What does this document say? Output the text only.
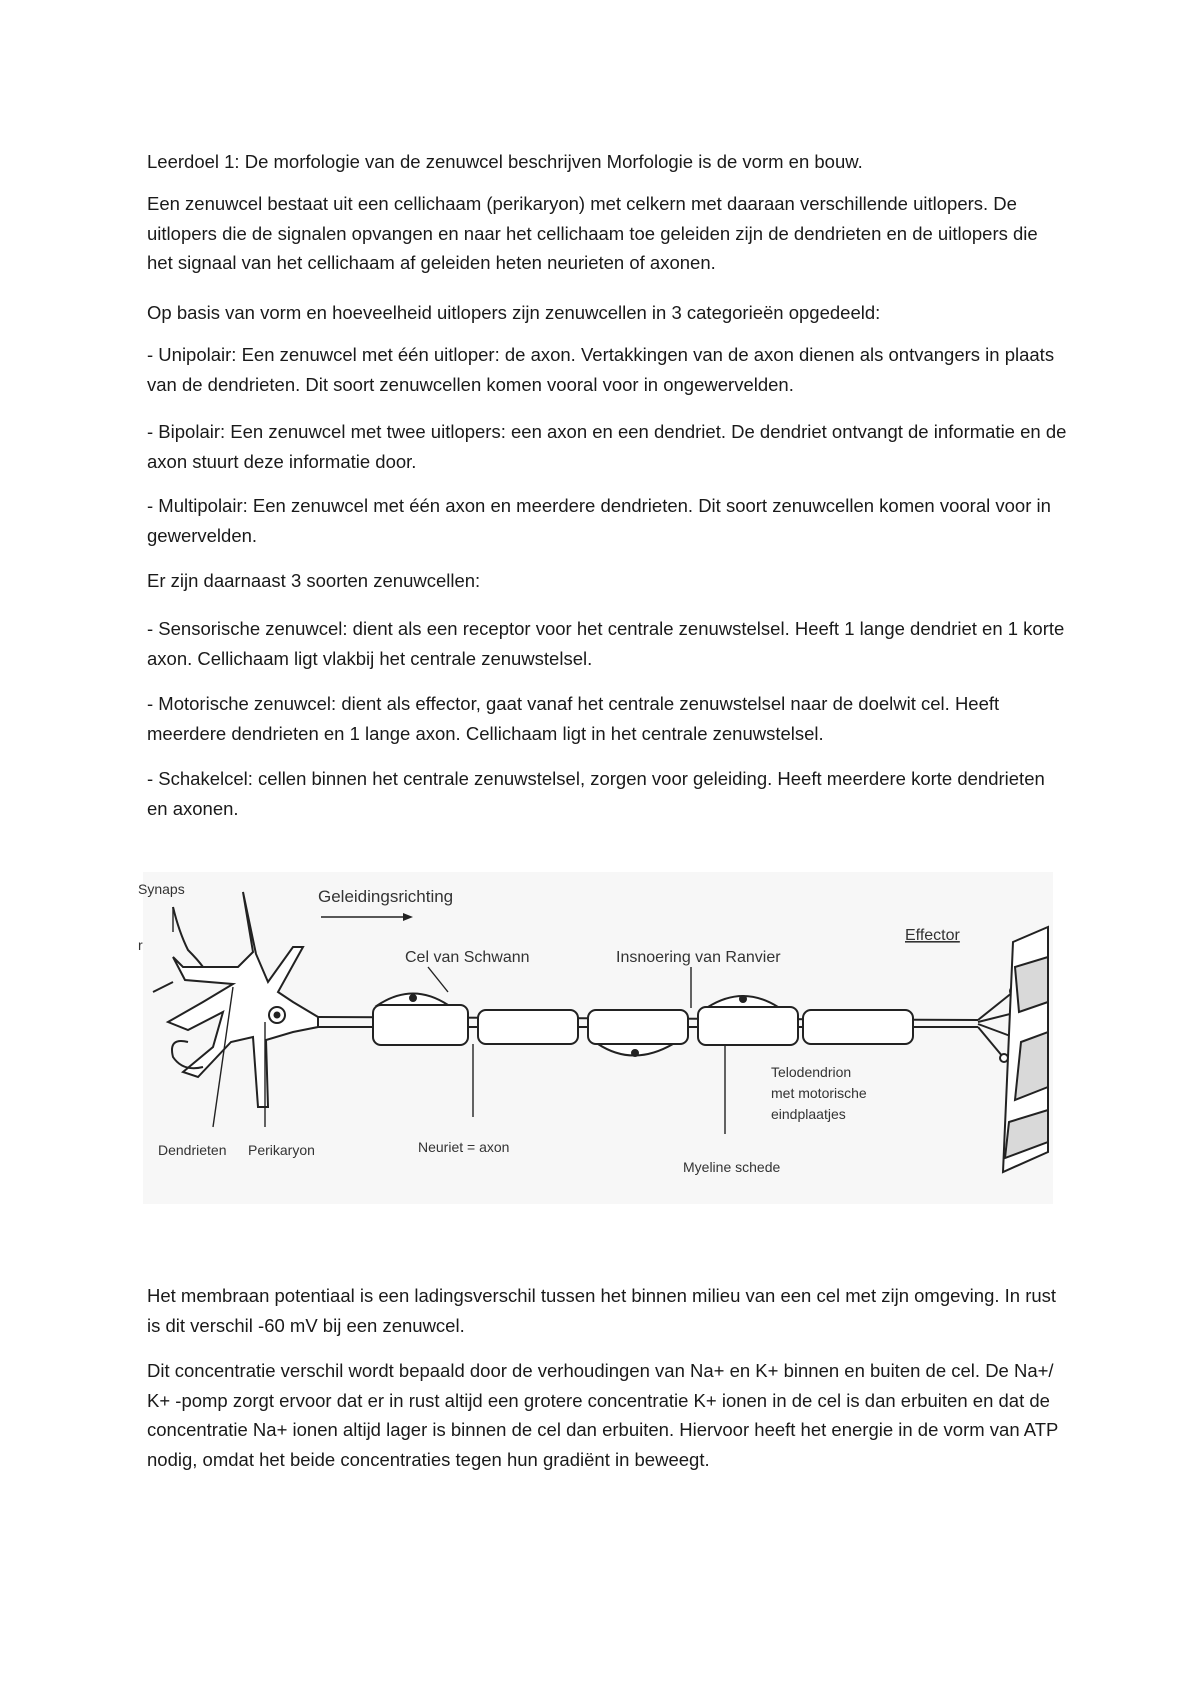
Leerdoel 1: De morfologie van de zenuwcel beschrijven Morfologie is de vorm en bouw.

Een zenuwcel bestaat uit een cellichaam (perikaryon) met celkern met daaraan verschillende uitlopers. De uitlopers die de signalen opvangen en naar het cellichaam toe geleiden zijn de dendrieten en de uitlopers die het signaal van het cellichaam af geleiden heten neurieten of axonen.

Op basis van vorm en hoeveelheid uitlopers zijn zenuwcellen in 3 categorieën opgedeeld:

- Unipolair: Een zenuwcel met één uitloper: de axon. Vertakkingen van de axon dienen als ontvangers in plaats van de dendrieten. Dit soort zenuwcellen komen vooral voor in ongewervelden.

- Bipolair: Een zenuwcel met twee uitlopers: een axon en een dendriet. De dendriet ontvangt de informatie en de axon stuurt deze informatie door.

- Multipolair: Een zenuwcel met één axon en meerdere dendrieten. Dit soort zenuwcellen komen vooral voor in gewervelden.

Er zijn daarnaast 3 soorten zenuwcellen:

- Sensorische zenuwcel: dient als een receptor voor het centrale zenuwstelsel. Heeft 1 lange dendriet en 1 korte axon. Cellichaam ligt vlakbij het centrale zenuwstelsel.

- Motorische zenuwcel: dient als effector, gaat vanaf het centrale zenuwstelsel naar de doelwit cel. Heeft meerdere dendrieten en 1 lange axon. Cellichaam ligt in het centrale zenuwstelsel.

- Schakelcel: cellen binnen het centrale zenuwstelsel, zorgen voor geleiding. Heeft meerdere korte dendrieten en axonen.

Synaps
r
Geleidingsrichting
Cel van Schwann	Insnoering van Ranvier
Effector
Telodendrion
met motorische
eindplaatjes
Dendrieten Perikaryon	Neuriet = axon
Myeline schede

Het membraan potentiaal is een ladingsverschil tussen het binnen milieu van een cel met zijn omgeving. In rust is dit verschil -60 mV bij een zenuwcel.

Dit concentratie verschil wordt bepaald door de verhoudingen van Na+ en K+ binnen en buiten de cel. De Na+/ K+ -pomp zorgt ervoor dat er in rust altijd een grotere concentratie K+ ionen in de cel is dan erbuiten en dat de concentratie Na+ ionen altijd lager is binnen de cel dan erbuiten. Hiervoor heeft het energie in de vorm van ATP nodig, omdat het beide concentraties tegen hun gradiënt in beweegt.
